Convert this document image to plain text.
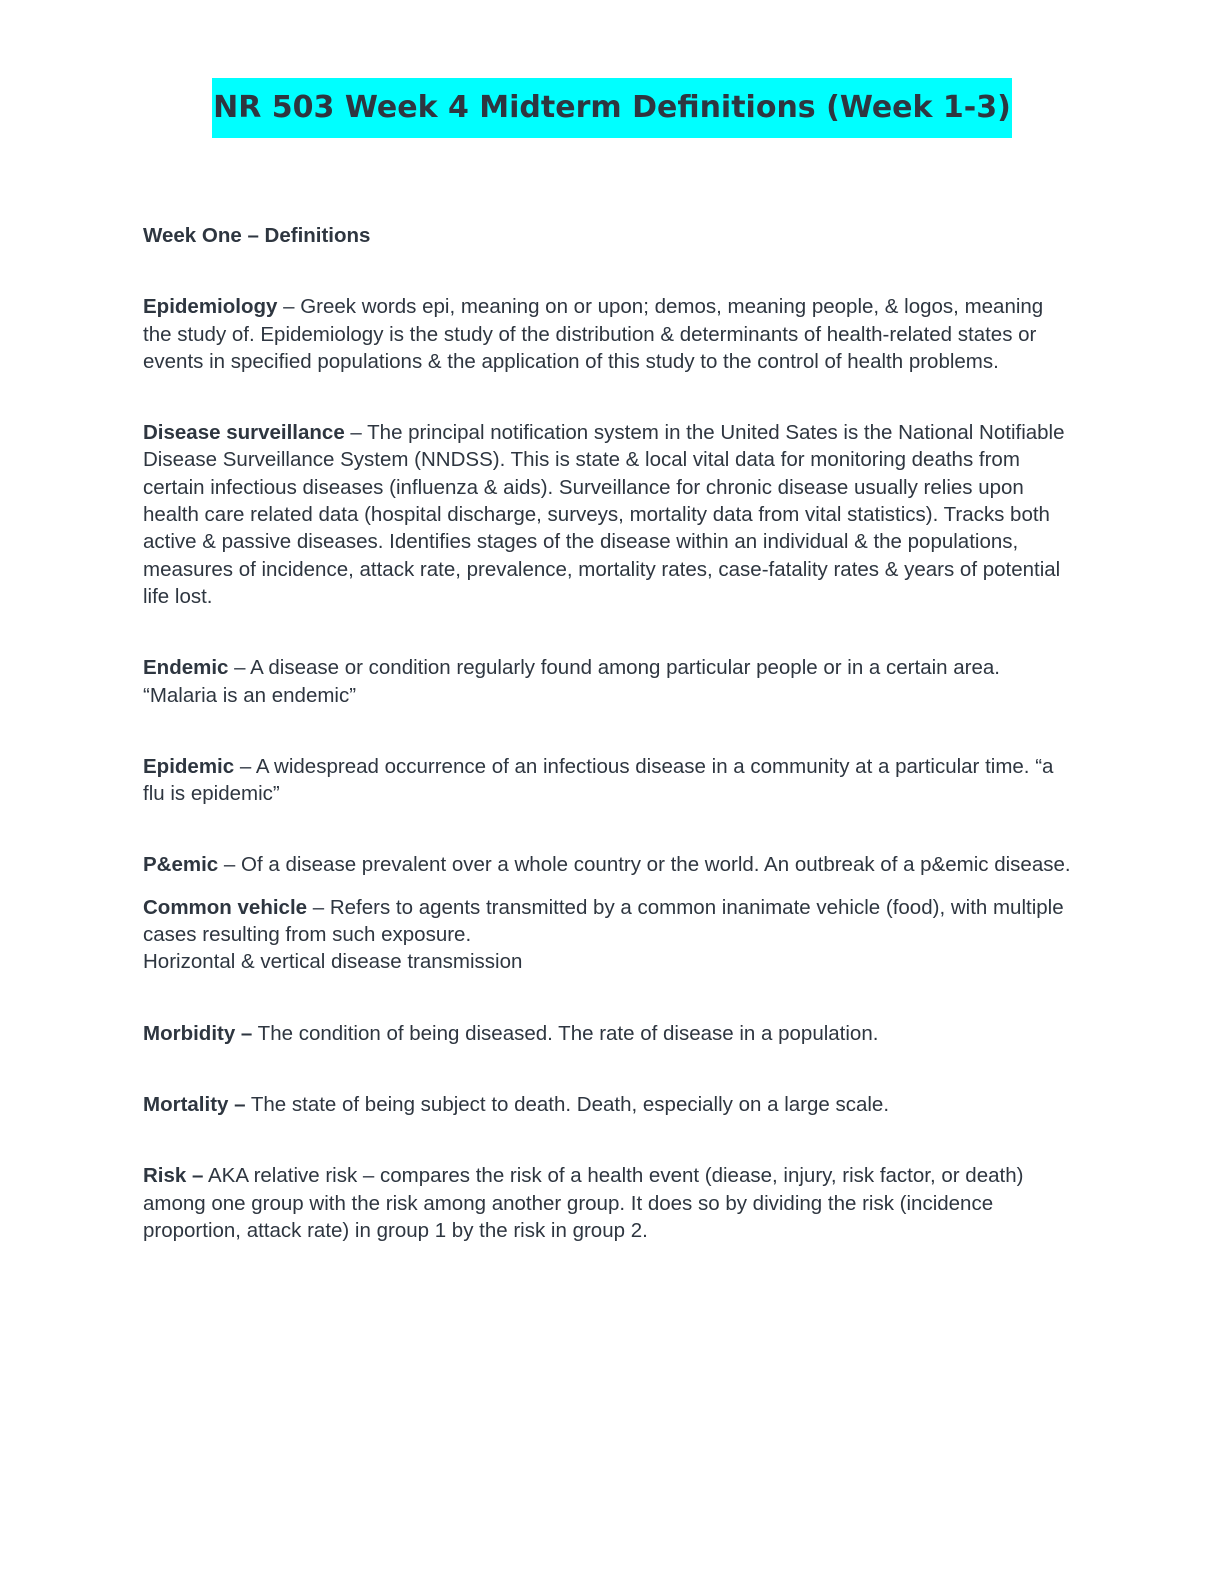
NR 503 Week 4 Midterm Definitions (Week 1-3)

Week One – Definitions

Epidemiology – Greek words epi, meaning on or upon; demos, meaning people, & logos, meaning the study of. Epidemiology is the study of the distribution & determinants of health-related states or events in specified populations & the application of this study to the control of health problems.

Disease surveillance – The principal notification system in the United Sates is the National Notifiable Disease Surveillance System (NNDSS). This is state & local vital data for monitoring deaths from certain infectious diseases (influenza & aids). Surveillance for chronic disease usually relies upon health care related data (hospital discharge, surveys, mortality data from vital statistics). Tracks both active & passive diseases. Identifies stages of the disease within an individual & the populations, measures of incidence, attack rate, prevalence, mortality rates, case-fatality rates & years of potential life lost.

Endemic – A disease or condition regularly found among particular people or in a certain area. “Malaria is an endemic”

Epidemic – A widespread occurrence of an infectious disease in a community at a particular time. “a flu is epidemic”

P&emic – Of a disease prevalent over a whole country or the world. An outbreak of a p&emic disease.

Common vehicle – Refers to agents transmitted by a common inanimate vehicle (food), with multiple cases resulting from such exposure.
Horizontal & vertical disease transmission

Morbidity – The condition of being diseased. The rate of disease in a population.

Mortality – The state of being subject to death. Death, especially on a large scale.

Risk – AKA relative risk – compares the risk of a health event (diease, injury, risk factor, or death) among one group with the risk among another group. It does so by dividing the risk (incidence proportion, attack rate) in group 1 by the risk in group 2.
